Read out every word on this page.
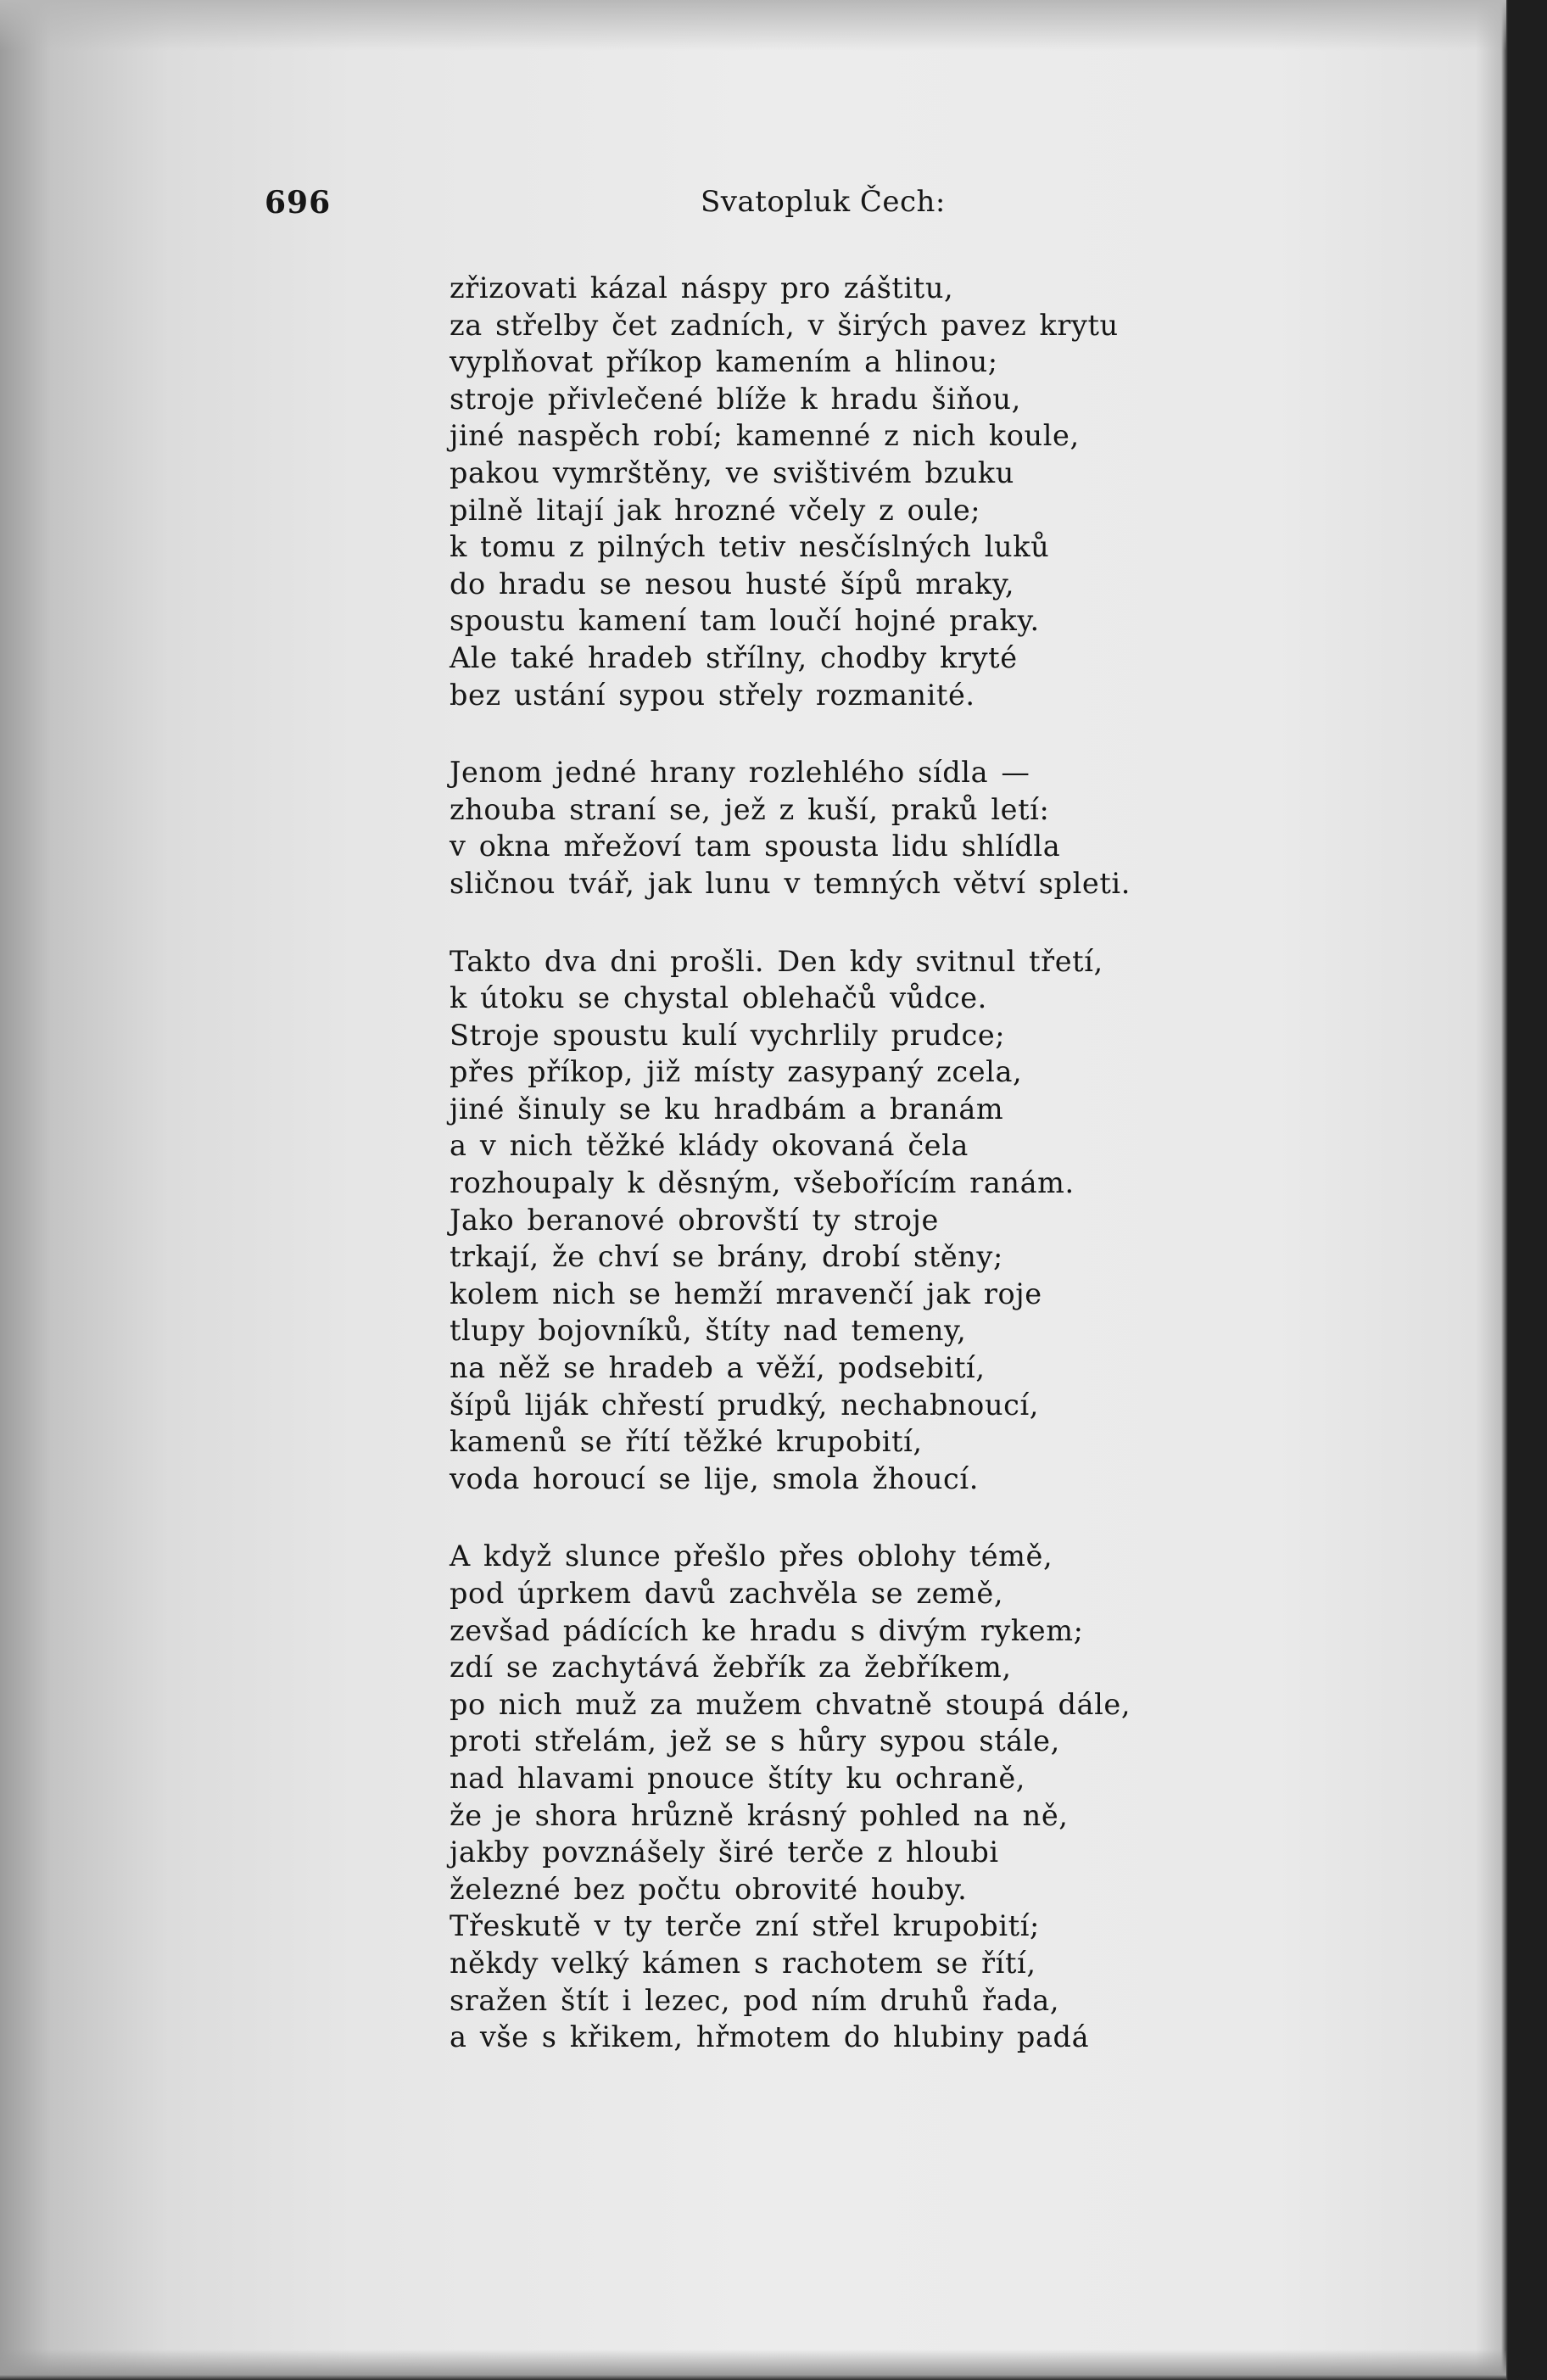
696	Svatopluk Čech:
zřizovati kázal náspy pro záštitu,
za střelby čet zadních, v širých pavez krytu
vyplňovat příkop kamením a hlinou;
stroje přivlečené blíže k hradu šiňou,
jiné naspěch robí; kamenné z nich koule,
pakou vymrštěny, ve svištivém bzuku
pilně litají jak hrozné včely z oule;
k tomu z pilných tetiv nesčíslných luků
do hradu se nesou husté šípů mraky,
spoustu kamení tam loučí hojné praky.
Ale také hradeb střílny, chodby kryté
bez ustání sypou střely rozmanité.
Jenom jedné hrany rozlehlého sídla —
zhouba straní se, jež z kuší, praků letí:
v okna mřežoví tam spousta lidu shlídla
sličnou tvář, jak lunu v temných větví spleti.
Takto dva dni prošli. Den kdy svitnul třetí,
k útoku se chystal oblehačů vůdce.
Stroje spoustu kulí vychrlily prudce;
přes příkop, již místy zasypaný zcela,
jiné šinuly se ku hradbám a branám
a v nich těžké klády okovaná čela
rozhoupaly k děsným, všebořícím ranám.
Jako beranové obrovští ty stroje
trkají, že chví se brány, drobí stěny;
kolem nich se hemží mravenčí jak roje
tlupy bojovníků, štíty nad temeny,
na něž se hradeb a věží, podsebití,
šípů liják chřestí prudký, nechabnoucí,
kamenů se řítí těžké krupobití,
voda horoucí se lije, smola žhoucí.
A když slunce přešlo přes oblohy témě,
pod úprkem davů zachvěla se země,
zevšad pádících ke hradu s divým rykem;
zdí se zachytává žebřík za žebříkem,
po nich muž za mužem chvatně stoupá dále,
proti střelám, jež se s hůry sypou stále,
nad hlavami pnouce štíty ku ochraně,
že je shora hrůzně krásný pohled na ně,
jakby povznášely širé terče z hloubi
železné bez počtu obrovité houby.
Třeskutě v ty terče zní střel krupobití;
někdy velký kámen s rachotem se řítí,
sražen štít i lezec, pod ním druhů řada,
a vše s křikem, hřmotem do hlubiny padá
